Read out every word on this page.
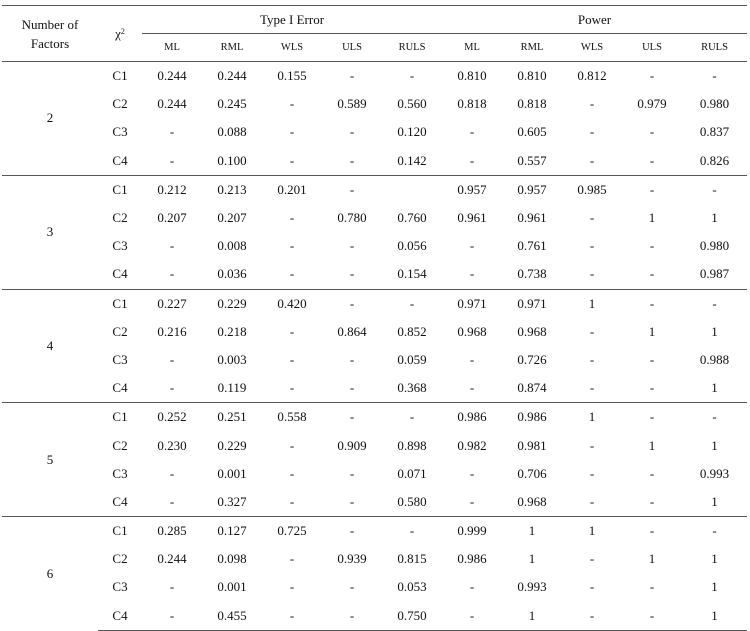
Number of
Factors	$\chi^2$	Type I Error					Power				
		ML	RML	WLS	ULS	RULS	ML	RML	WLS	ULS	RULS
2	C1	0.244	0.244	0.155	-	-	0.810	0.810	0.812	-	-
	C2	0.244	0.245	-	0.589	0.560	0.818	0.818	-	0.979	0.980
	C3	-	0.088	-	-	0.120	-	0.605	-	-	0.837
	C4	-	0.100	-	-	0.142	-	0.557	-	-	0.826
3	C1	0.212	0.213	0.201	-		0.957	0.957	0.985	-	-
	C2	0.207	0.207	-	0.780	0.760	0.961	0.961	-	1	1
	C3	-	0.008	-	-	0.056	-	0.761	-	-	0.980
	C4	-	0.036	-	-	0.154	-	0.738	-	-	0.987
4	C1	0.227	0.229	0.420	-	-	0.971	0.971	1	-	-
	C2	0.216	0.218	-	0.864	0.852	0.968	0.968	-	1	1
	C3	-	0.003	-	-	0.059	-	0.726	-	-	0.988
	C4	-	0.119	-	-	0.368	-	0.874	-	-	1
5	C1	0.252	0.251	0.558	-	-	0.986	0.986	1	-	-
	C2	0.230	0.229	-	0.909	0.898	0.982	0.981	-	1	1
	C3	-	0.001	-	-	0.071	-	0.706	-	-	0.993
	C4	-	0.327	-	-	0.580	-	0.968	-	-	1
6	C1	0.285	0.127	0.725	-	-	0.999	1	1	-	-
	C2	0.244	0.098	-	0.939	0.815	0.986	1	-	1	1
	C3	-	0.001	-	-	0.053	-	0.993	-	-	1
	C4	-	0.455	-	-	0.750	-	1	-	-	1
